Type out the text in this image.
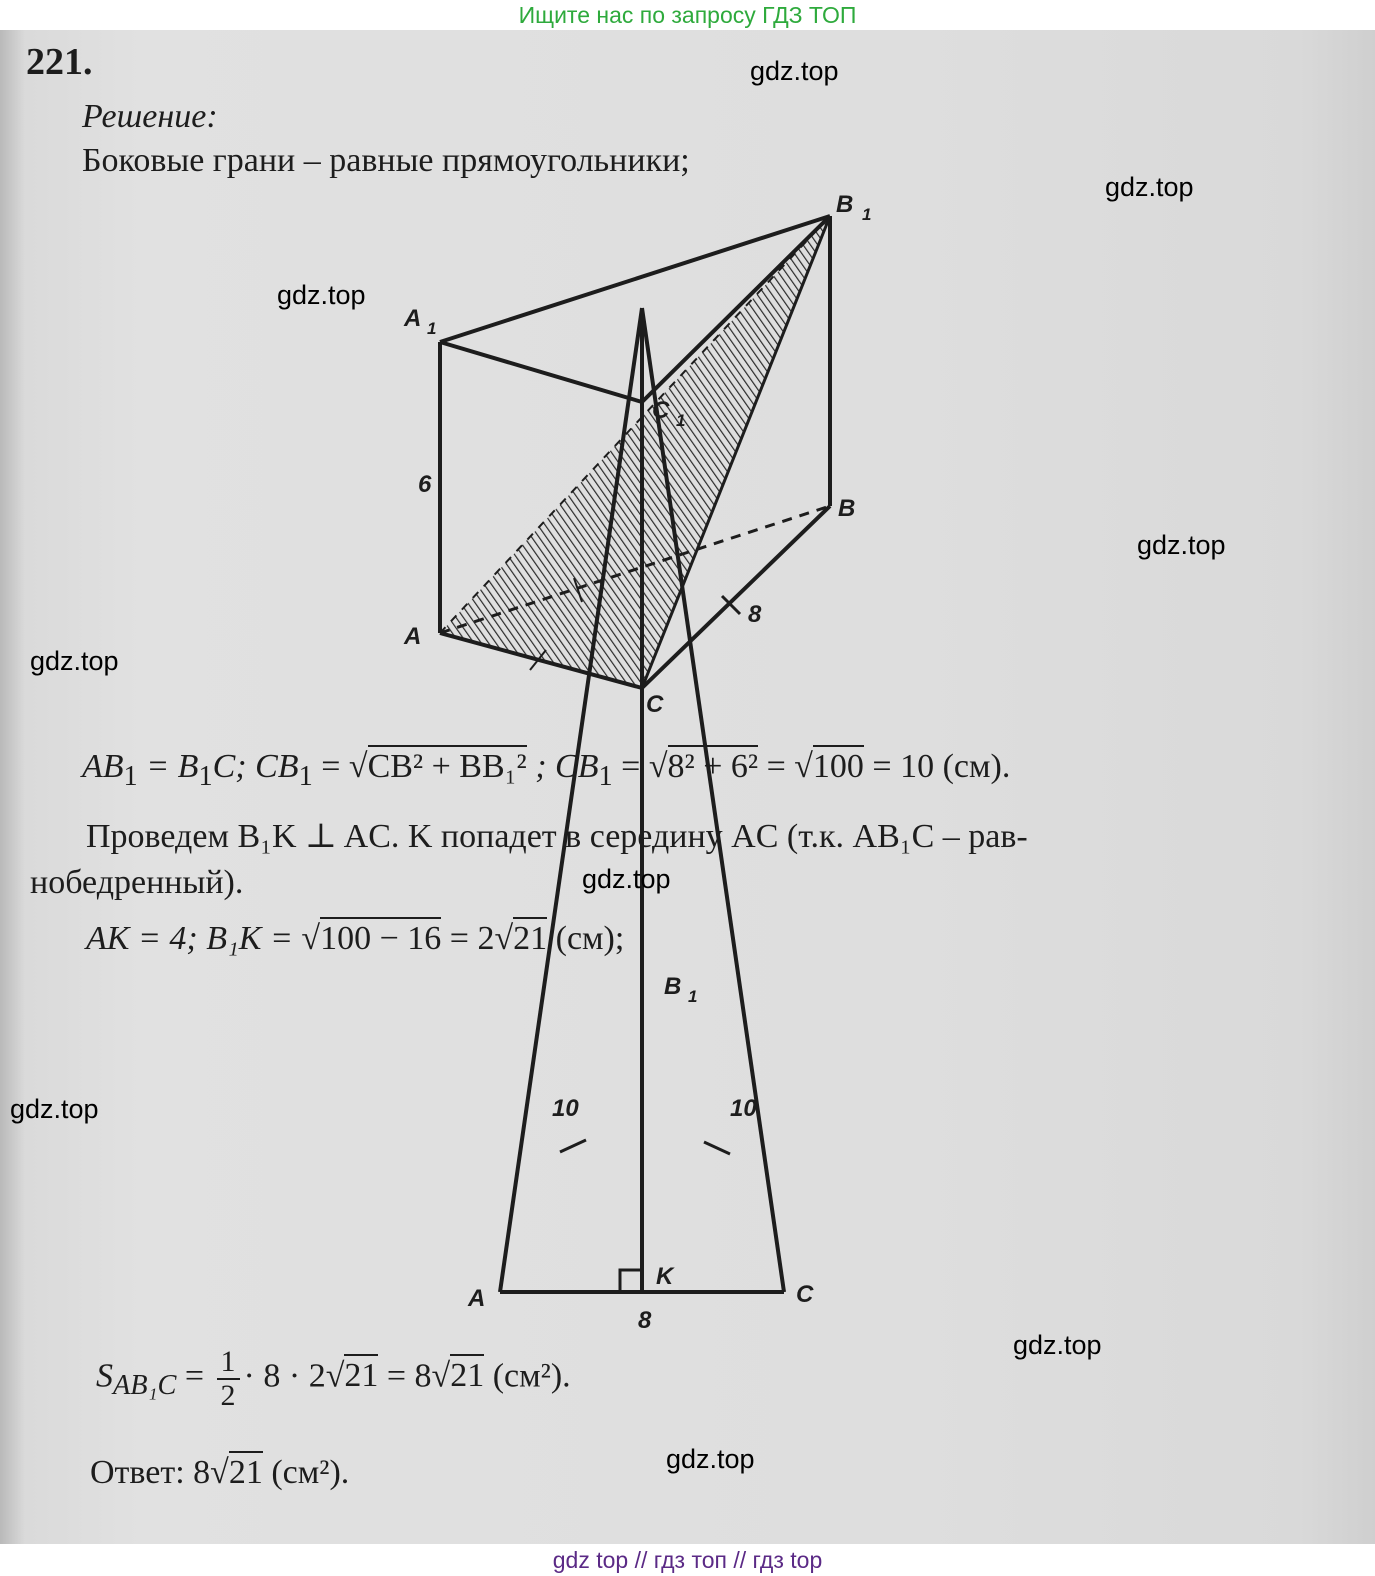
Ищите нас по запросу ГДЗ ТОП
221.
Решение:
Боковые грани – равные прямоугольники;
B 1
A 1
C 1
B
A
C
6
8
B 1
10	10
A	C
K
8
$AB_1 = B_1C$; $CB_1 = √CB^2 + BB_1^2$ ; $CB_1 = √8^2 + 6^2 = √100 = 10$ (см).
Проведем B₁K ⊥ AC. K попадет в середину AC (т.к. AB₁C – рав-
нобедренный).
AK = 4; B₁K = √100 − 16 = 2√21 (см);
$S_{AB_1C} = \frac{1}{2} \cdot 8 \cdot 2√21 = 8√21$ (см²).
Ответ: 8√21 (см²).
gdz.top
gdz.top
gdz.top
gdz.top
gdz.top
gdz.top
gdz.top
gdz.top
gdz.top
gdz top // гдз топ // гдз top
